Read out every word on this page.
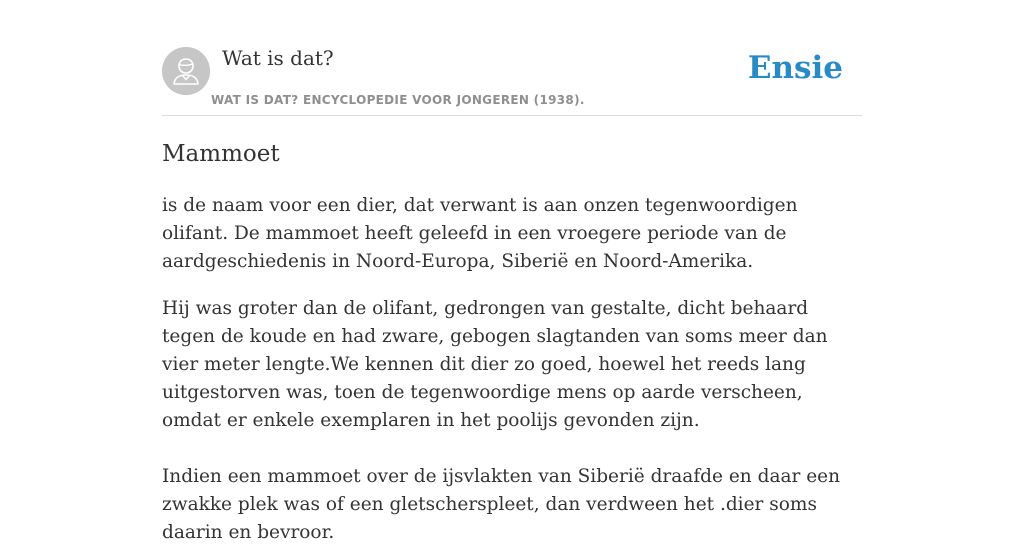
Wat is dat?
WAT IS DAT? ENCYCLOPEDIE VOOR JONGEREN (1938).
Ensie
Mammoet

is de naam voor een dier, dat verwant is aan onzen tegenwoordigen olifant. De mammoet heeft geleefd in een vroegere periode van de aardgeschiedenis in Noord-Europa, Siberië en Noord-Amerika.

Hij was groter dan de olifant, gedrongen van gestalte, dicht behaard tegen de koude en had zware, gebogen slagtanden van soms meer dan vier meter lengte.We kennen dit dier zo goed, hoewel het reeds lang uitgestorven was, toen de tegenwoordige mens op aarde verscheen, omdat er enkele exemplaren in het poolijs gevonden zijn.

Indien een mammoet over de ijsvlakten van Siberië draafde en daar een zwakke plek was of een gletscherspleet, dan verdween het .dier soms daarin en bevroor.
